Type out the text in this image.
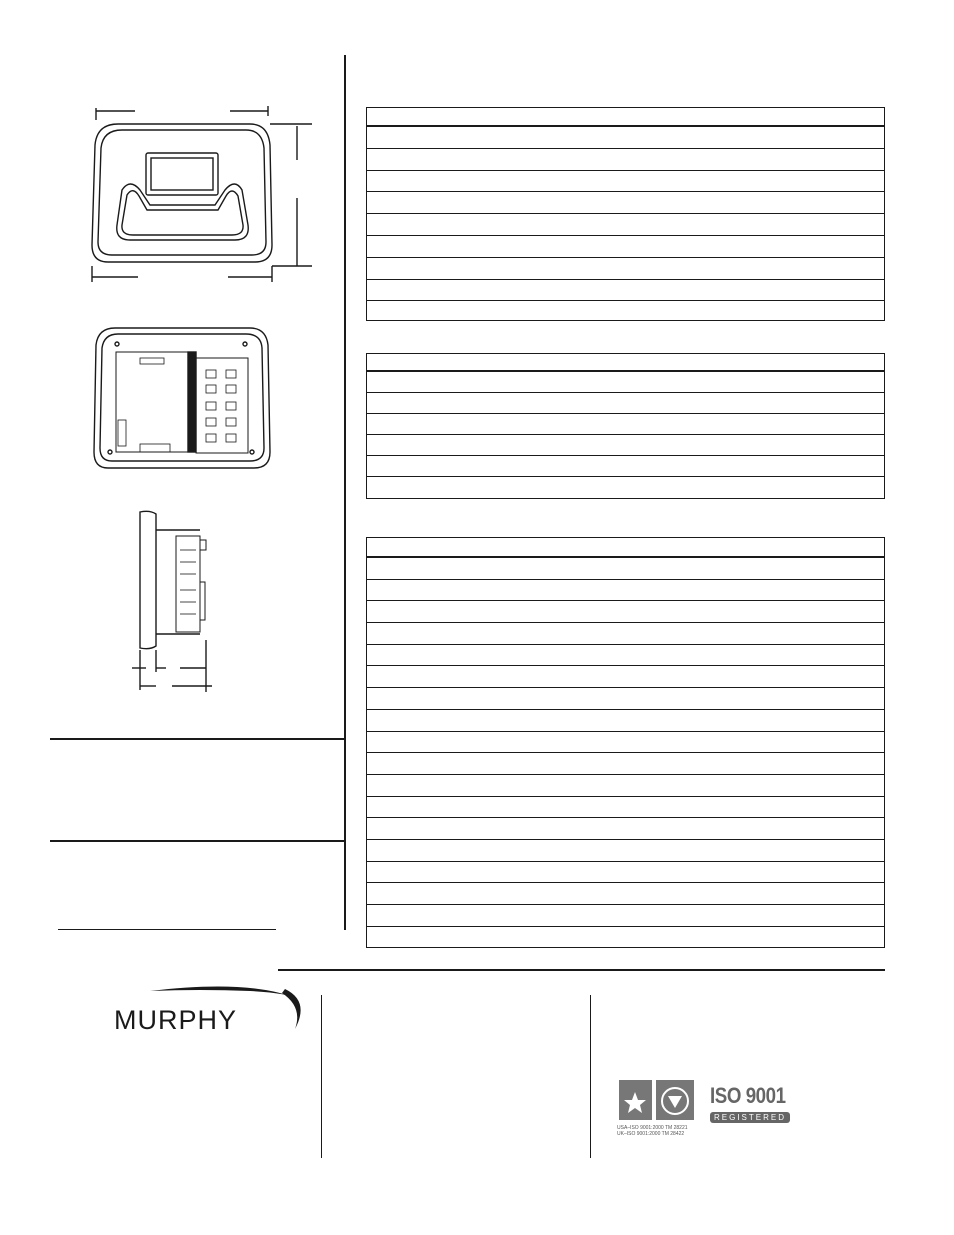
MURPHY
USA–ISO 9001:2000 TM 28221
UK–ISO 9001:2000 TM 28422
ISO 9001
REGISTERED
